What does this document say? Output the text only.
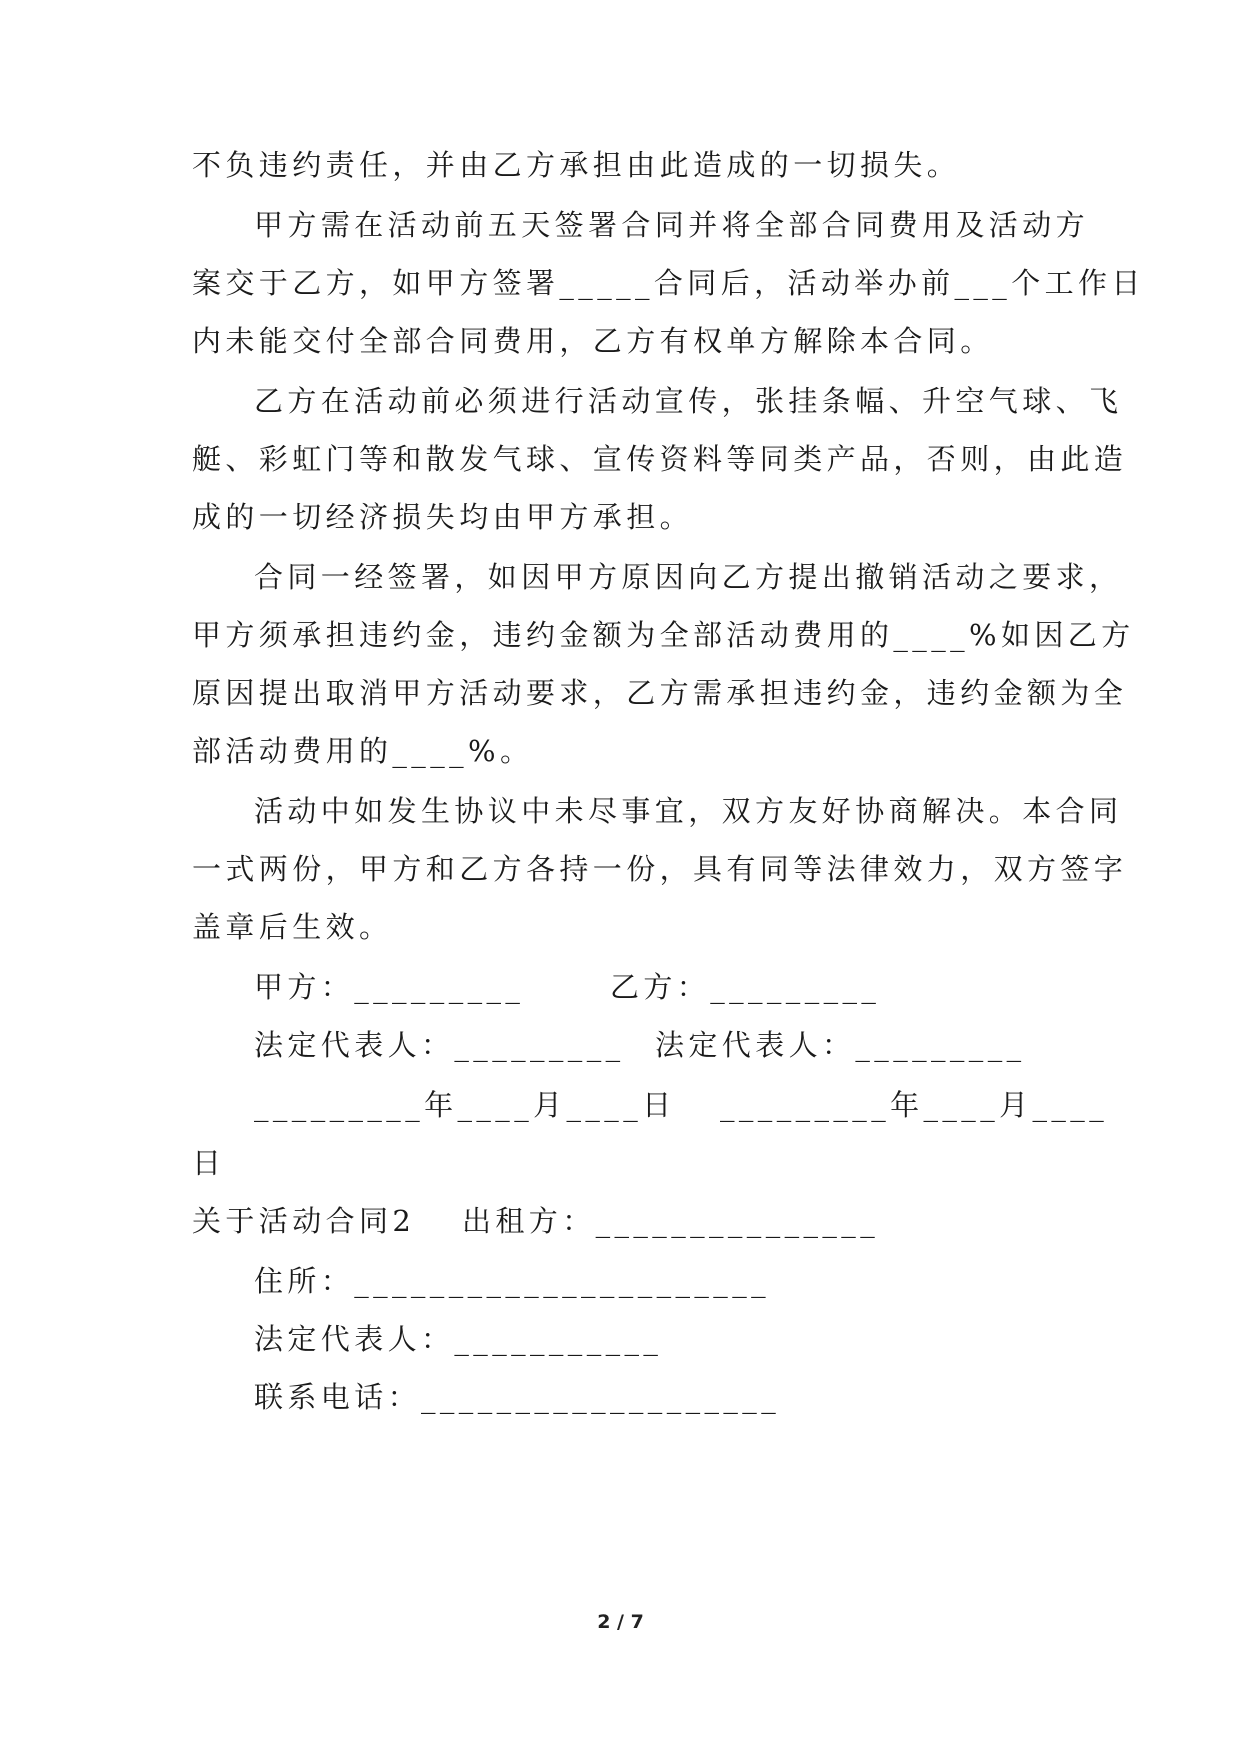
不负违约责任，并由乙方承担由此造成的一切损失。
甲方需在活动前五天签署合同并将全部合同费用及活动方
案交于乙方，如甲方签署_____合同后，活动举办前___个工作日
内未能交付全部合同费用，乙方有权单方解除本合同。
乙方在活动前必须进行活动宣传，张挂条幅、升空气球、飞
艇、彩虹门等和散发气球、宣传资料等同类产品，否则，由此造
成的一切经济损失均由甲方承担。
合同一经签署，如因甲方原因向乙方提出撤销活动之要求，
甲方须承担违约金，违约金额为全部活动费用的____%如因乙方
原因提出取消甲方活动要求，乙方需承担违约金，违约金额为全
部活动费用的____%。
活动中如发生协议中未尽事宜，双方友好协商解决。本合同
一式两份，甲方和乙方各持一份，具有同等法律效力，双方签字
盖章后生效。
甲方：_________	乙方：_________
法定代表人：_________	法定代表人：_________
_________年____月____日 _________年____月____
日
关于活动合同2 出租方：_______________
住所：______________________
法定代表人：___________
联系电话：___________________
2 / 7
